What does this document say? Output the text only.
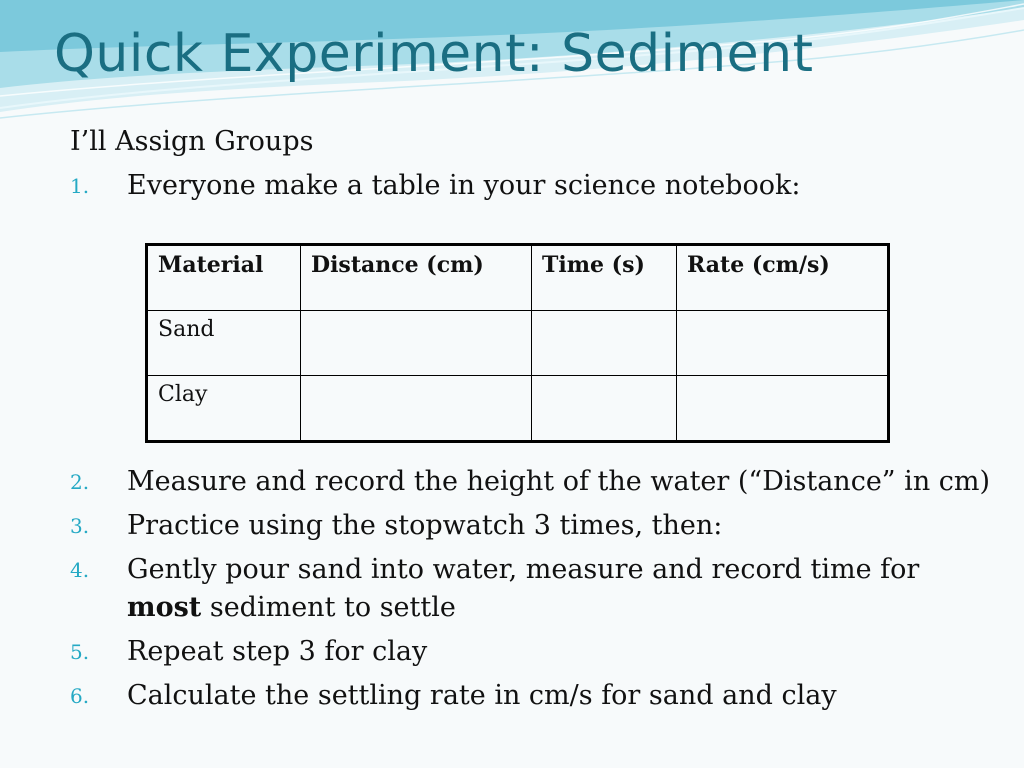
Quick Experiment: Sediment

I’ll Assign Groups

1.	Everyone make a table in your science notebook:
Material	Distance (cm)	Time (s)	Rate (cm/s)
Sand			
Clay			
2.	Measure and record the height of the water (“Distance” in cm)
3.	Practice using the stopwatch 3 times, then:
4.	Gently pour sand into water, measure and record time for most sediment to settle
5.	Repeat step 3 for clay
6.	Calculate the settling rate in cm/s for sand and clay
